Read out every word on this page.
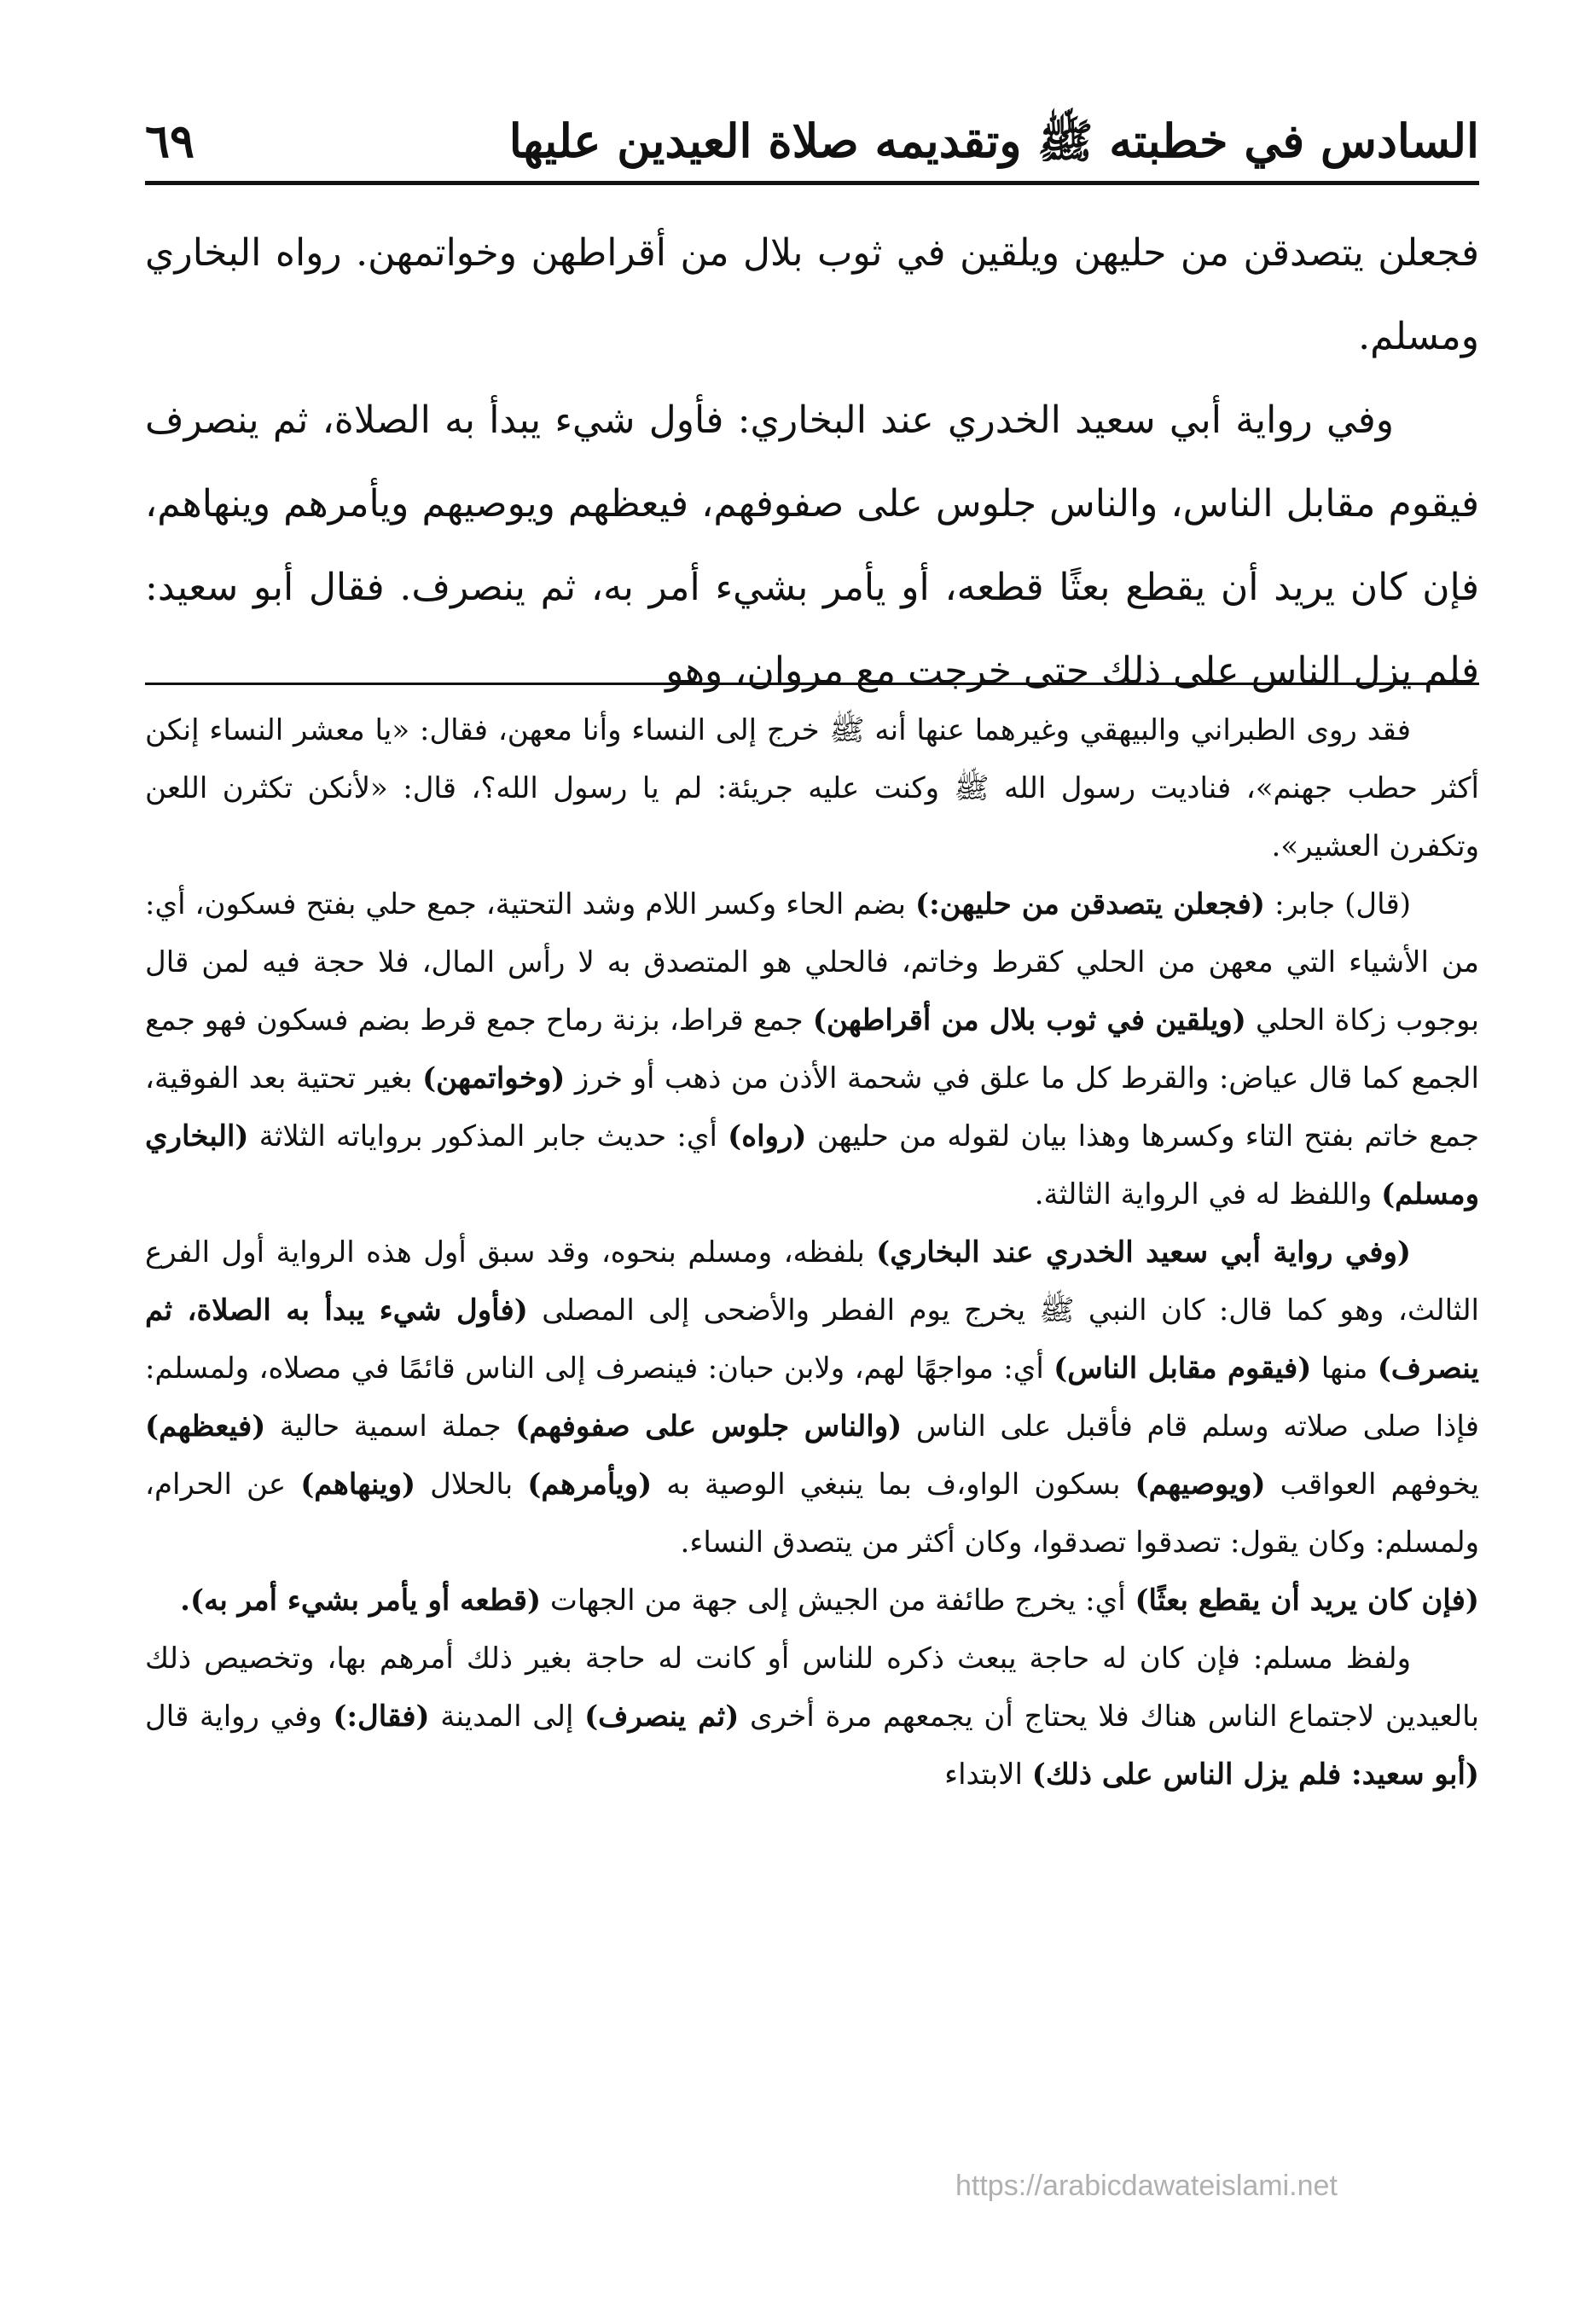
السادس في خطبته ﷺ وتقديمه صلاة العيدين عليها
٦٩

فجعلن يتصدقن من حليهن ويلقين في ثوب بلال من أقراطهن وخواتمهن. رواه البخاري ومسلم.

وفي رواية أبي سعيد الخدري عند البخاري: فأول شيء يبدأ به الصلاة، ثم ينصرف فيقوم مقابل الناس، والناس جلوس على صفوفهم، فيعظهم ويوصيهم ويأمرهم وينهاهم، فإن كان يريد أن يقطع بعثًا قطعه، أو يأمر بشيء أمر به، ثم ينصرف. فقال أبو سعيد: فلم يزل الناس على ذلك حتى خرجت مع مروان، وهو

فقد روى الطبراني والبيهقي وغيرهما عنها أنه ﷺ خرج إلى النساء وأنا معهن، فقال: «يا معشر النساء إنكن أكثر حطب جهنم»، فناديت رسول الله ﷺ وكنت عليه جريئة: لم يا رسول الله؟، قال: «لأنكن تكثرن اللعن وتكفرن العشير».

(قال) جابر: (فجعلن يتصدقن من حليهن:) بضم الحاء وكسر اللام وشد التحتية، جمع حلي بفتح فسكون، أي: من الأشياء التي معهن من الحلي كقرط وخاتم، فالحلي هو المتصدق به لا رأس المال، فلا حجة فيه لمن قال بوجوب زكاة الحلي (ويلقين في ثوب بلال من أقراطهن) جمع قراط، بزنة رماح جمع قرط بضم فسكون فهو جمع الجمع كما قال عياض: والقرط كل ما علق في شحمة الأذن من ذهب أو خرز (وخواتمهن) بغير تحتية بعد الفوقية، جمع خاتم بفتح التاء وكسرها وهذا بيان لقوله من حليهن (رواه) أي: حديث جابر المذكور برواياته الثلاثة (البخاري ومسلم) واللفظ له في الرواية الثالثة.

(وفي رواية أبي سعيد الخدري عند البخاري) بلفظه، ومسلم بنحوه، وقد سبق أول هذه الرواية أول الفرع الثالث، وهو كما قال: كان النبي ﷺ يخرج يوم الفطر والأضحى إلى المصلى (فأول شيء يبدأ به الصلاة، ثم ينصرف) منها (فيقوم مقابل الناس) أي: مواجهًا لهم، ولابن حبان: فينصرف إلى الناس قائمًا في مصلاه، ولمسلم: فإذا صلى صلاته وسلم قام فأقبل على الناس (والناس جلوس على صفوفهم) جملة اسمية حالية (فيعظهم) يخوفهم العواقب (ويوصيهم) بسكون الواو،ف بما ينبغي الوصية به (ويأمرهم) بالحلال (وينهاهم) عن الحرام، ولمسلم: وكان يقول: تصدقوا تصدقوا، وكان أكثر من يتصدق النساء.

(فإن كان يريد أن يقطع بعثًا) أي: يخرج طائفة من الجيش إلى جهة من الجهات (قطعه أو يأمر بشيء أمر به).

ولفظ مسلم: فإن كان له حاجة يبعث ذكره للناس أو كانت له حاجة بغير ذلك أمرهم بها، وتخصيص ذلك بالعيدين لاجتماع الناس هناك فلا يحتاج أن يجمعهم مرة أخرى (ثم ينصرف) إلى المدينة (فقال:) وفي رواية قال (أبو سعيد: فلم يزل الناس على ذلك) الابتداء

https://arabicdawateislami.net
